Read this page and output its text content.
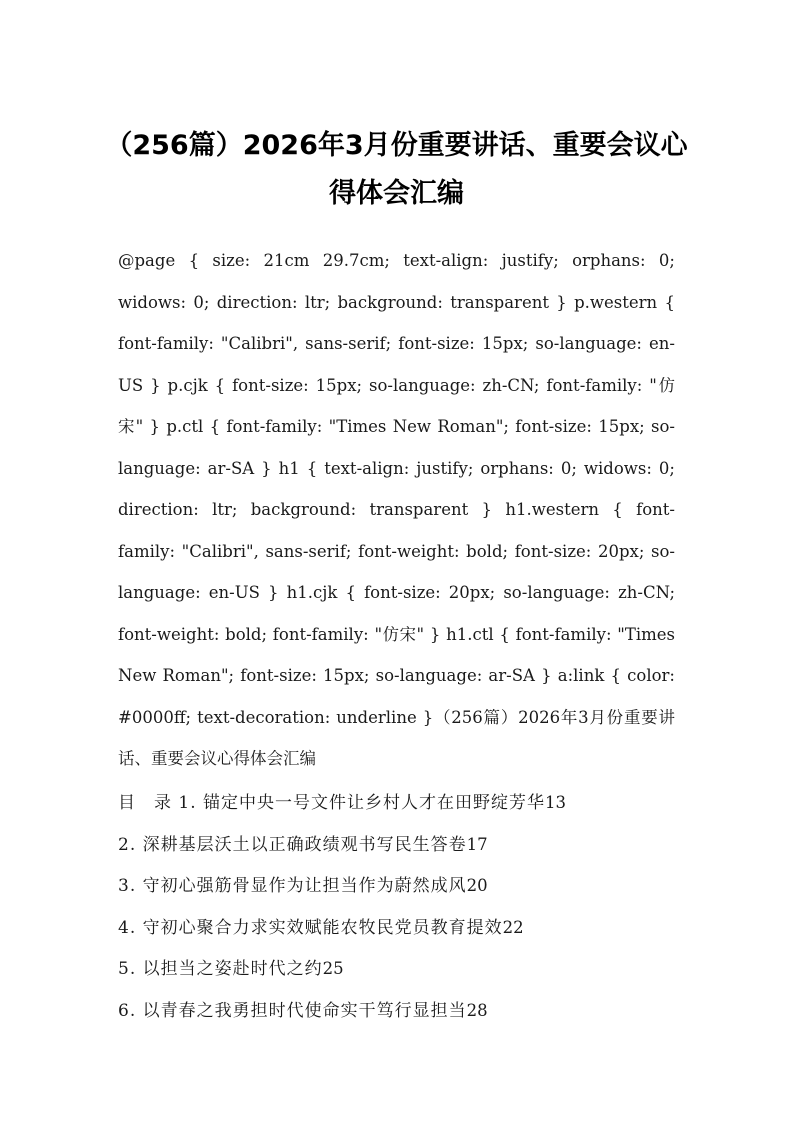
（256篇）2026年3月份重要讲话、重要会议心得体会汇编

@page { size: 21cm 29.7cm; text-align: justify; orphans: 0; widows: 0; direction: ltr; background: transparent } p.western { font-family: "Calibri", sans-serif; font-size: 15px; so-language: en-US } p.cjk { font-size: 15px; so-language: zh-CN; font-family: "仿宋" } p.ctl { font-family: "Times New Roman"; font-size: 15px; so-language: ar-SA } h1 { text-align: justify; orphans: 0; widows: 0; direction: ltr; background: transparent } h1.western { font-family: "Calibri", sans-serif; font-weight: bold; font-size: 20px; so-language: en-US } h1.cjk { font-size: 20px; so-language: zh-CN; font-weight: bold; font-family: "仿宋" } h1.ctl { font-family: "Times New Roman"; font-size: 15px; so-language: ar-SA } a:link { color: #0000ff; text-decoration: underline }（256篇）2026年3月份重要讲话、重要会议心得体会汇编

目　录 1. 锚定中央一号文件让乡村人才在田野绽芳华13
2. 深耕基层沃土以正确政绩观书写民生答卷17
3. 守初心强筋骨显作为让担当作为蔚然成风20
4. 守初心聚合力求实效赋能农牧民党员教育提效22
5. 以担当之姿赴时代之约25
6. 以青春之我勇担时代使命实干笃行显担当28
